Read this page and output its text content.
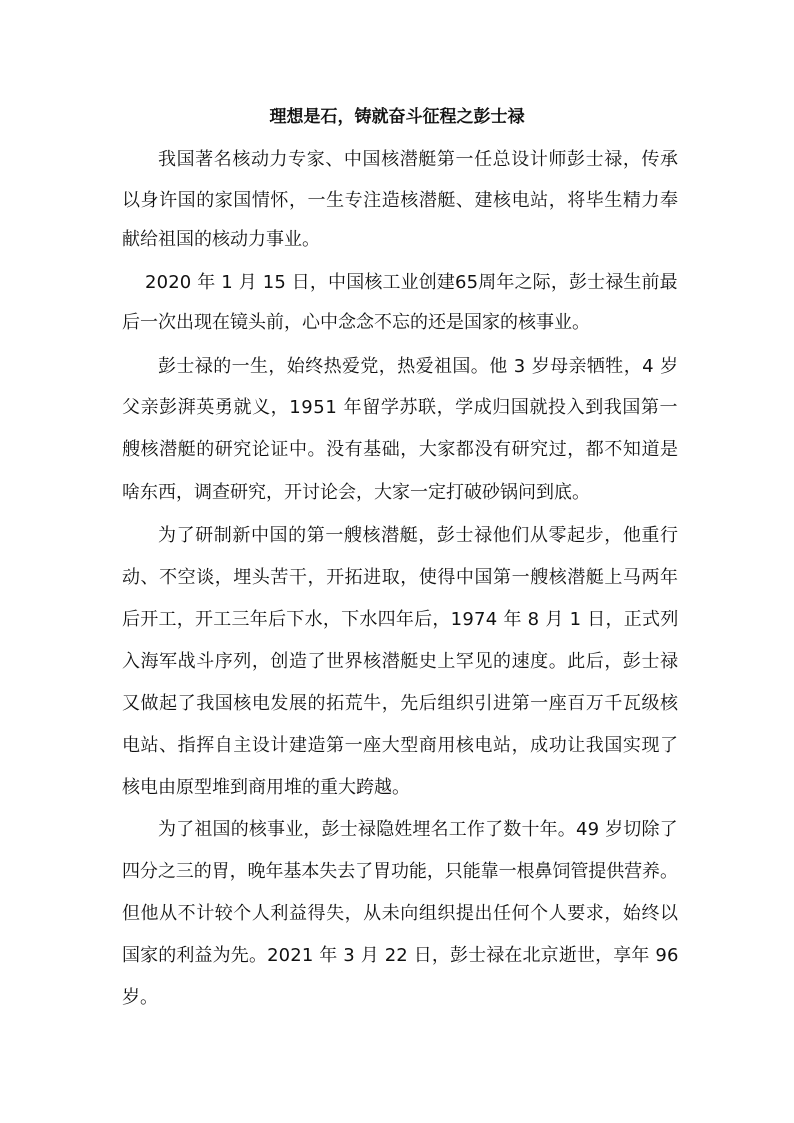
理想是石，铸就奋斗征程之彭士禄
我国著名核动力专家、中国核潜艇第一任总设计师彭士禄，传承
以身许国的家国情怀，一生专注造核潜艇、建核电站，将毕生精力奉
献给祖国的核动力事业。
2020 年 1 月 15 日，中国核工业创建65周年之际，彭士禄生前最
后一次出现在镜头前，心中念念不忘的还是国家的核事业。
彭士禄的一生，始终热爱党，热爱祖国。他 3 岁母亲牺牲，4 岁
父亲彭湃英勇就义，1951 年留学苏联，学成归国就投入到我国第一
艘核潜艇的研究论证中。没有基础，大家都没有研究过，都不知道是
啥东西，调查研究，开讨论会，大家一定打破砂锅问到底。
为了研制新中国的第一艘核潜艇，彭士禄他们从零起步，他重行
动、不空谈，埋头苦干，开拓进取，使得中国第一艘核潜艇上马两年
后开工，开工三年后下水，下水四年后，1974 年 8 月 1 日，正式列
入海军战斗序列，创造了世界核潜艇史上罕见的速度。此后，彭士禄
又做起了我国核电发展的拓荒牛，先后组织引进第一座百万千瓦级核
电站、指挥自主设计建造第一座大型商用核电站，成功让我国实现了
核电由原型堆到商用堆的重大跨越。
为了祖国的核事业，彭士禄隐姓埋名工作了数十年。49 岁切除了
四分之三的胃，晚年基本失去了胃功能，只能靠一根鼻饲管提供营养。
但他从不计较个人利益得失，从未向组织提出任何个人要求，始终以
国家的利益为先。2021 年 3 月 22 日，彭士禄在北京逝世，享年 96
岁。
